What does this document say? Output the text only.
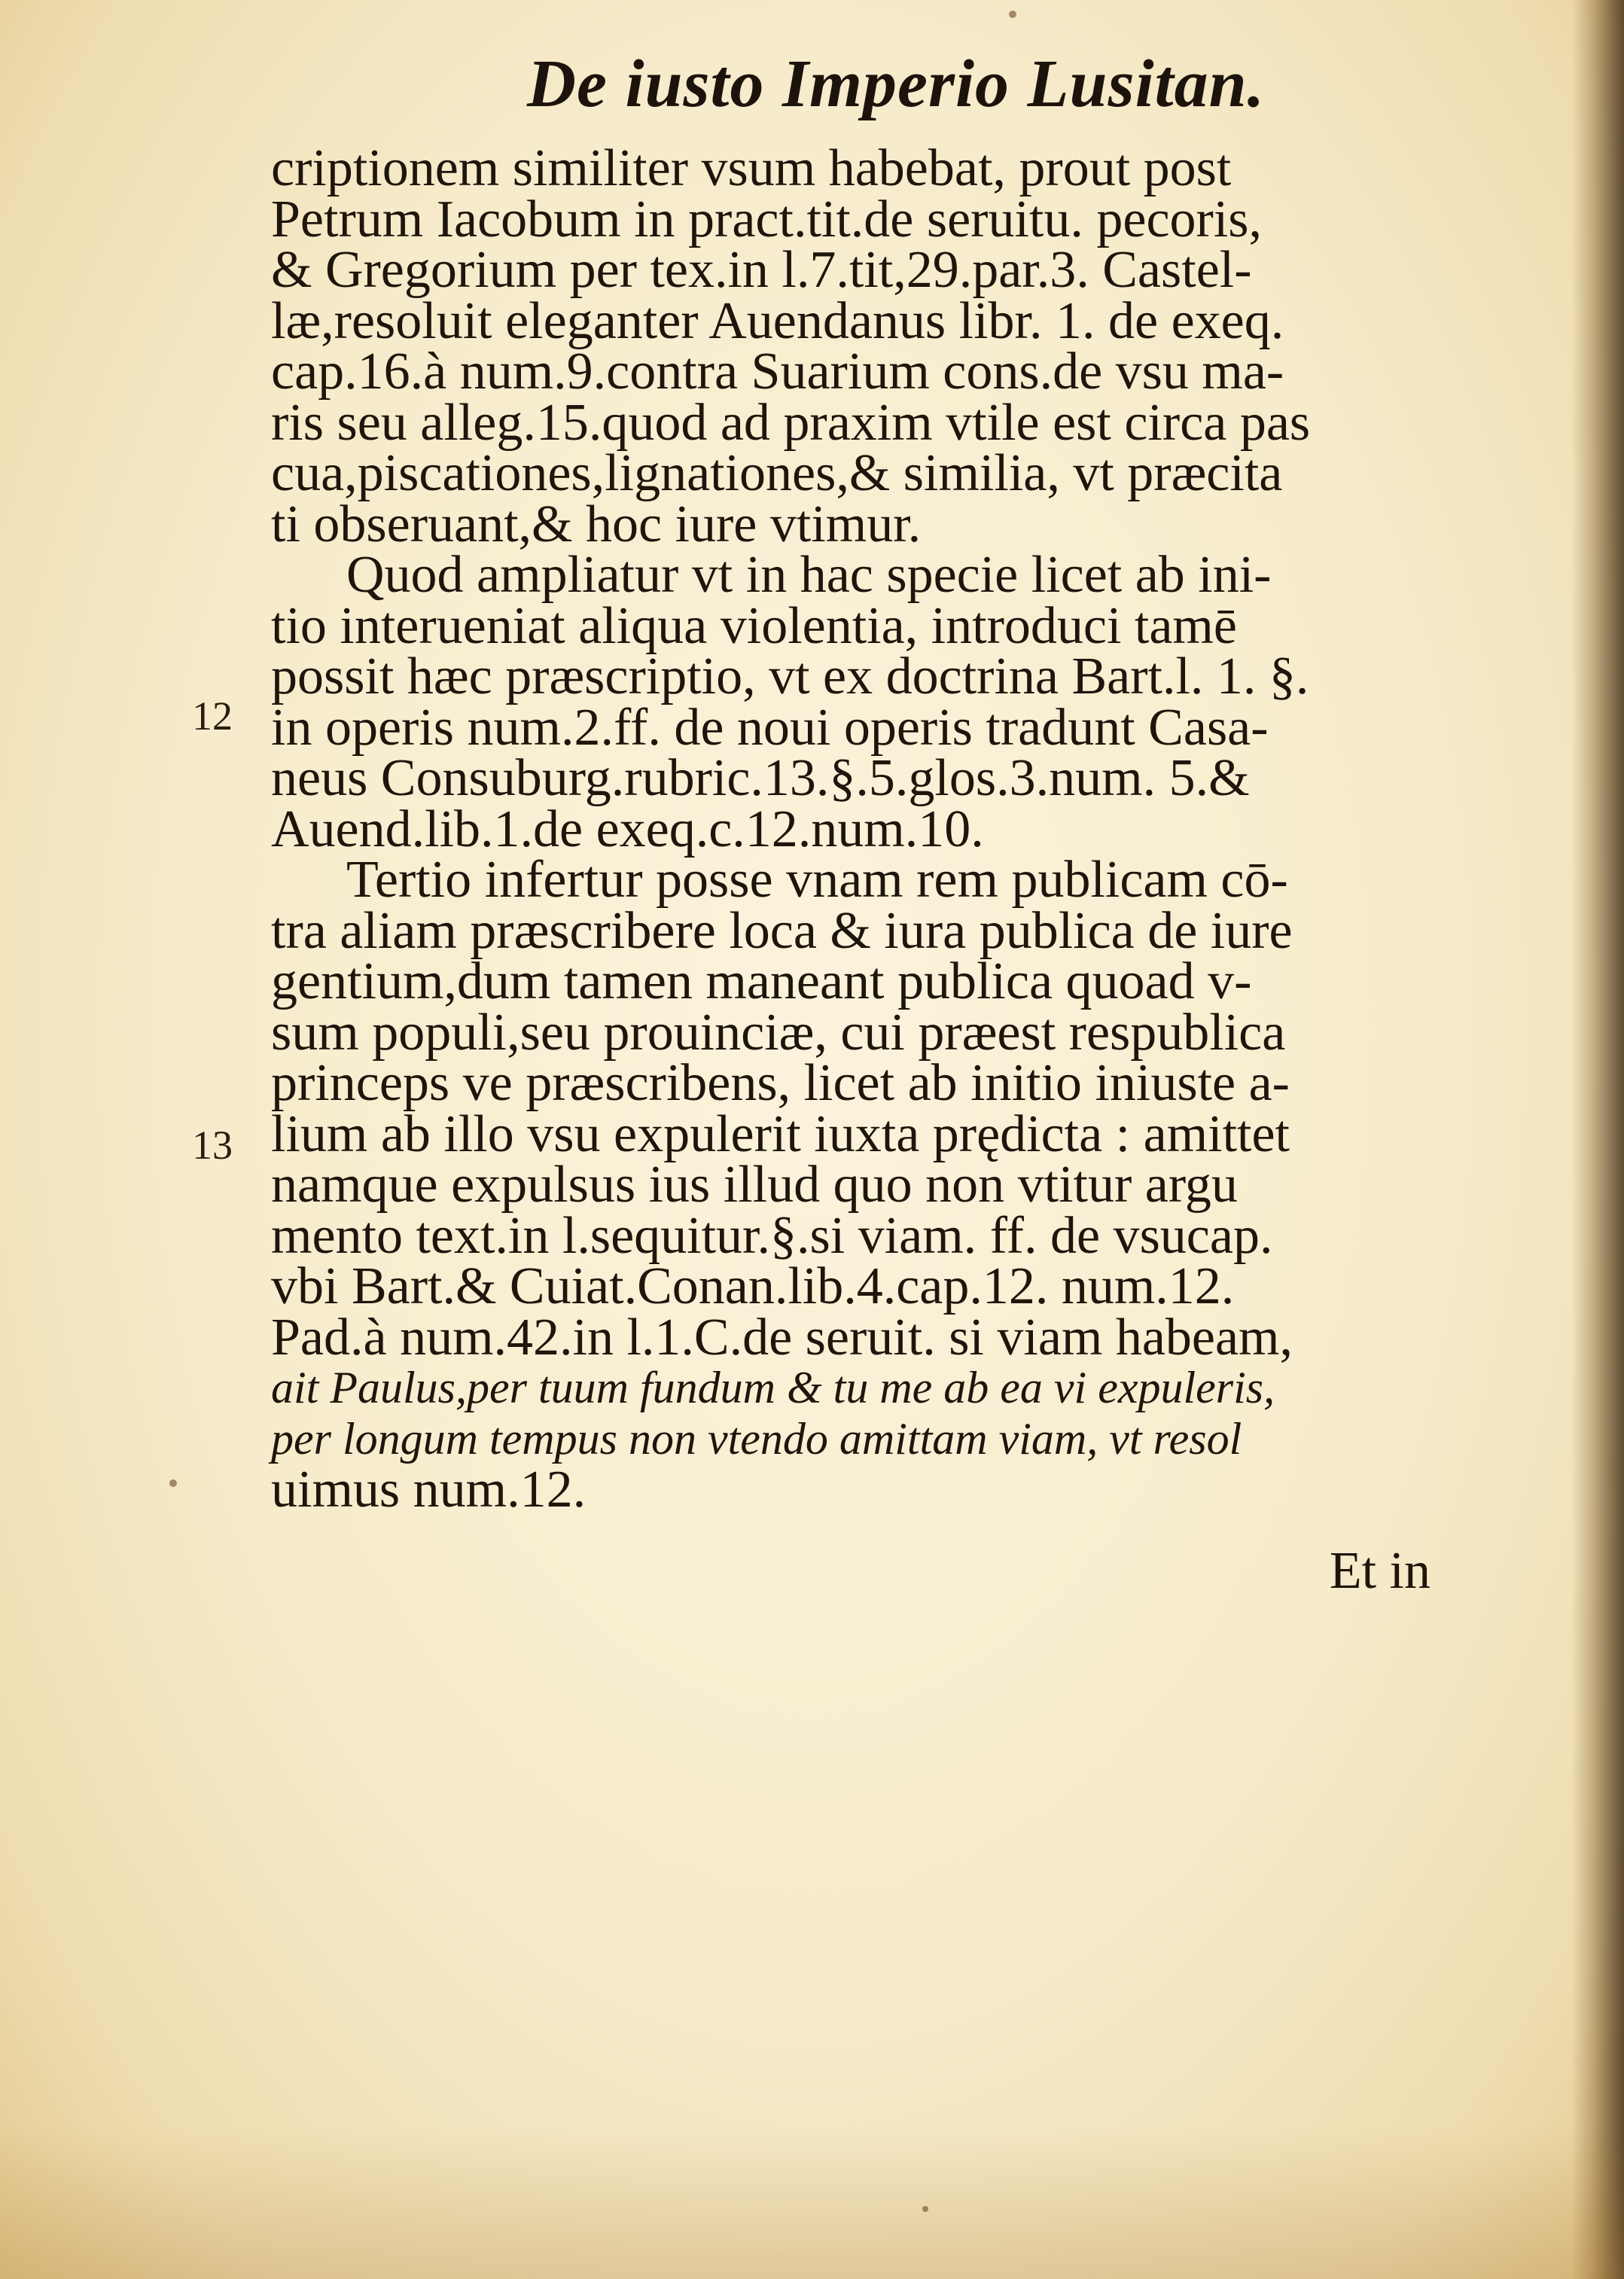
De iusto Imperio Lusitan.
12
13
criptionem similiter vsum habebat, prout post
Petrum Iacobum in pract.tit.de seruitu. pecoris,
& Gregorium per tex.in l.7.tit,29.par.3. Castel-
læ,resoluit eleganter Auendanus libr. 1. de exeq.
cap.16.à num.9.contra Suarium cons.de vsu ma-
ris seu alleg.15.quod ad praxim vtile est circa pas
cua,piscationes,lignationes,& similia, vt præcita
ti obseruant,& hoc iure vtimur.
Quod ampliatur vt in hac specie licet ab ini-
tio interueniat aliqua violentia, introduci tamē
possit hæc præscriptio, vt ex doctrina Bart.l. 1. §.
in operis num.2.ff. de noui operis tradunt Casa-
neus Consuburg.rubric.13.§.5.glos.3.num. 5.&
Auend.lib.1.de exeq.c.12.num.10.
Tertio infertur posse vnam rem publicam cō-
tra aliam præscribere loca & iura publica de iure
gentium,dum tamen maneant publica quoad v-
sum populi,seu prouinciæ, cui præest respublica
princeps ve præscribens, licet ab initio iniuste a-
lium ab illo vsu expulerit iuxta prędicta : amittet
namque expulsus ius illud quo non vtitur argu
mento text.in l.sequitur.§.si viam. ff. de vsucap.
vbi Bart.& Cuiat.Conan.lib.4.cap.12. num.12.
Pad.à num.42.in l.1.C.de seruit. si viam habeam,
ait Paulus,per tuum fundum & tu me ab ea vi expuleris,
per longum tempus non vtendo amittam viam, vt resol
uimus num.12.
Et in
